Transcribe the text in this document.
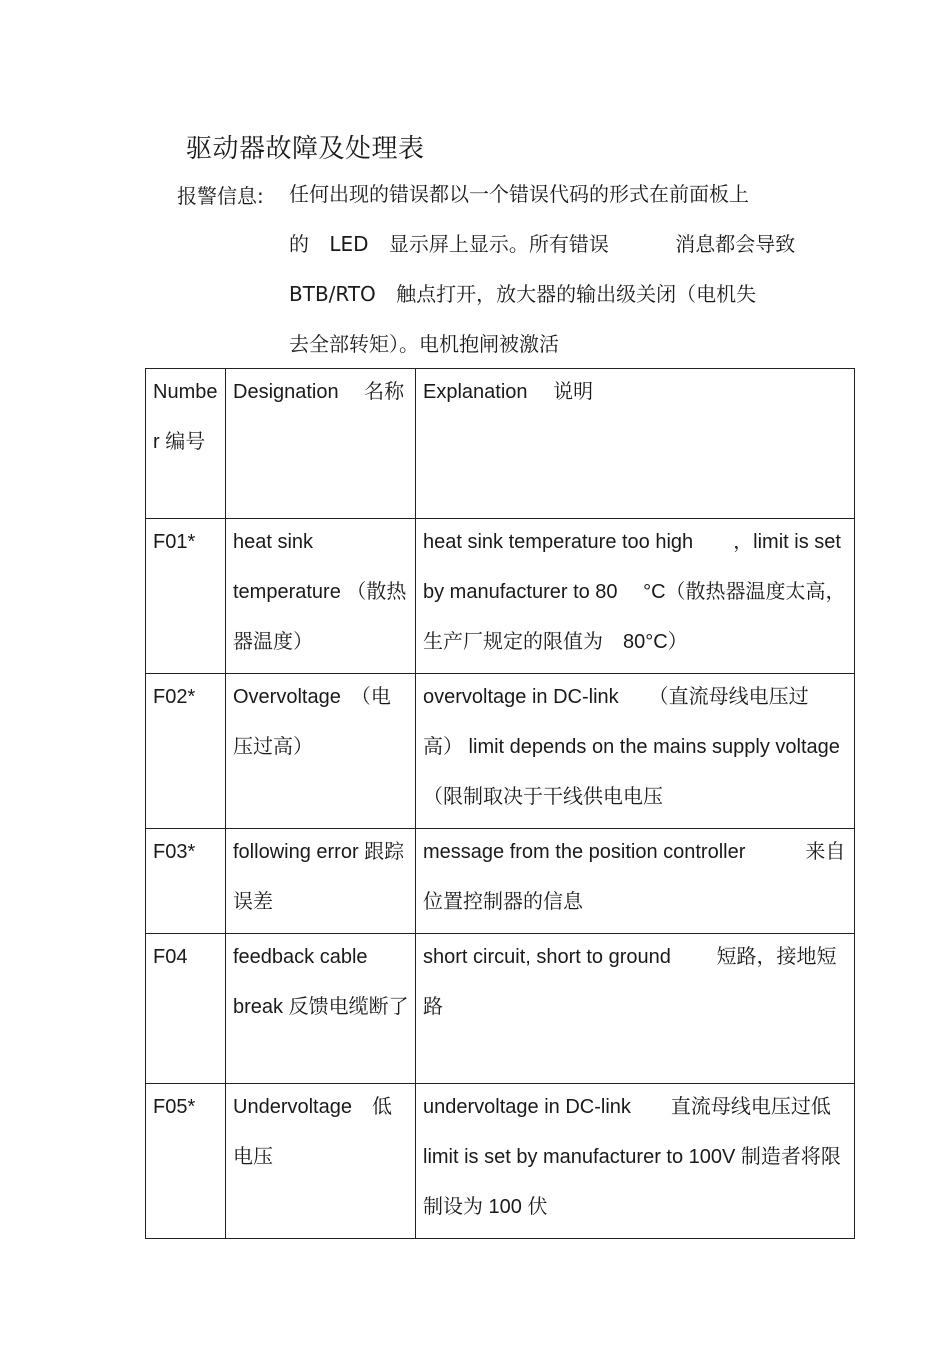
驱动器故障及处理表
报警信息: 任何出现的错误都以一个错误代码的形式在前面板上
的 LED 显示屏上显示。所有错误	消息都会导致
BTB/RTO 触点打开，放大器的输出级关闭（电机失
去全部转矩）。电机抱闸被激活
Number 编号	Designation　 名称	Explanation　 说明

F01*	heat sink temperature （散热器温度）	heat sink temperature too high　　，limit is set by manufacturer to 80　 °C（散热器温度太高，生产厂规定的限值为　80°C）

F02*	Overvoltage　（电压过高）	overvoltage in DC-link　　（直流母线电压过高） limit depends on the mains supply voltage （限制取决于干线供电电压

F03*	following error 跟踪误差	message from the position controller　　　来自位置控制器的信息

F04	feedback cable break 反馈电缆断了	short circuit, short to ground　　 短路，接地短路

F05*	Undervoltage　低电压	undervoltage in DC-link　　直流母线电压过低 limit is set by manufacturer to 100V 制造者将限制设为 100 伏
